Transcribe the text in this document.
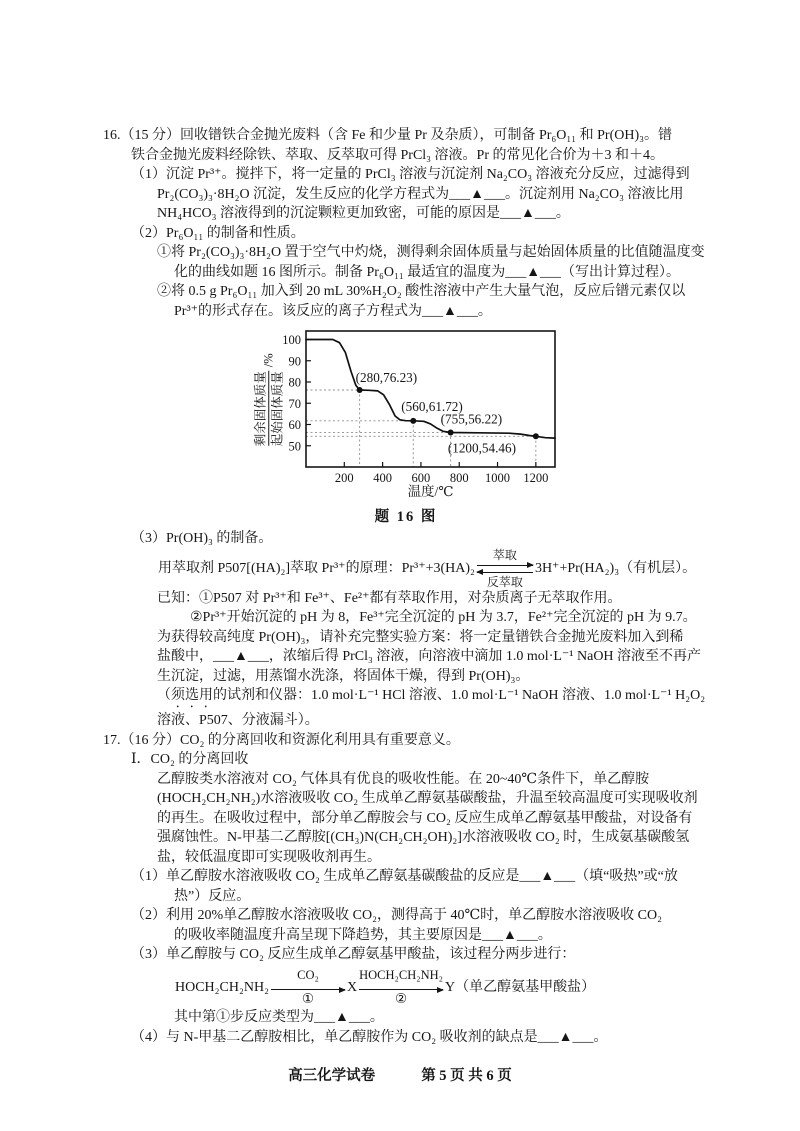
16.（15 分）回收镨铁合金抛光废料（含 Fe 和少量 Pr 及杂质），可制备 Pr₆O₁₁ 和 Pr(OH)₃。镨

铁合金抛光废料经除铁、萃取、反萃取可得 PrCl₃ 溶液。Pr 的常见化合价为＋3 和＋4。

（1）沉淀 Pr³⁺。搅拌下，将一定量的 PrCl₃ 溶液与沉淀剂 Na₂CO₃ 溶液充分反应，过滤得到

Pr₂(CO₃)₃·8H₂O 沉淀，发生反应的化学方程式为___▲___。沉淀剂用 Na₂CO₃ 溶液比用

NH₄HCO₃ 溶液得到的沉淀颗粒更加致密，可能的原因是___▲___。

（2）Pr₆O₁₁ 的制备和性质。

①将 Pr₂(CO₃)₃·8H₂O 置于空气中灼烧，测得剩余固体质量与起始固体质量的比值随温度变

化的曲线如题 16 图所示。制备 Pr₆O₁₁ 最适宜的温度为___▲___（写出计算过程）。

②将 0.5 g Pr₆O₁₁ 加入到 20 mL 30%H₂O₂ 酸性溶液中产生大量气泡，反应后镨元素仅以

Pr³⁺的形式存在。该反应的离子方程式为___▲___。

剩余固体质量 起始固体质量
/%
50
60
70
80
90
100
200 400 600 800 1000 1200
(280,76.23)
(560,61.72)
(755,56.22)
(1200,54.46)
温度/℃
题 16 图

（3）Pr(OH)₃ 的制备。

用萃取剂 P507[(HA)₂]萃取 Pr³⁺的原理：Pr³⁺+3(HA)₂
萃取
反萃取
3H⁺+Pr(HA₂)₃（有机层）。

已知：①P507 对 Pr³⁺和 Fe³⁺、Fe²⁺都有萃取作用，对杂质离子无萃取作用。

②Pr³⁺开始沉淀的 pH 为 8，Fe³⁺完全沉淀的 pH 为 3.7，Fe²⁺完全沉淀的 pH 为 9.7。

为获得较高纯度 Pr(OH)₃，请补充完整实验方案：将一定量镨铁合金抛光废料加入到稀

盐酸中，___▲___，浓缩后得 PrCl₃ 溶液，向溶液中滴加 1.0 mol·L⁻¹ NaOH 溶液至不再产

生沉淀，过滤，用蒸馏水洗涤，将固体干燥，得到 Pr(OH)₃。

（须选用的试剂和仪器：1.0 mol·L⁻¹ HCl 溶液、1.0 mol·L⁻¹ NaOH 溶液、1.0 mol·L⁻¹ H₂O₂

溶液、P507、分液漏斗）。

17.（16 分）CO₂ 的分离回收和资源化利用具有重要意义。

Ⅰ．CO₂ 的分离回收

乙醇胺类水溶液对 CO₂ 气体具有优良的吸收性能。在 20~40℃条件下，单乙醇胺

(HOCH₂CH₂NH₂)水溶液吸收 CO₂ 生成单乙醇氨基碳酸盐，升温至较高温度可实现吸收剂

的再生。在吸收过程中，部分单乙醇胺会与 CO₂ 反应生成单乙醇氨基甲酸盐，对设备有

强腐蚀性。N-甲基二乙醇胺[(CH₃)N(CH₂CH₂OH)₂]水溶液吸收 CO₂ 时，生成氨基碳酸氢

盐，较低温度即可实现吸收剂再生。

（1）单乙醇胺水溶液吸收 CO₂ 生成单乙醇氨基碳酸盐的反应是___▲___（填“吸热”或“放

热”）反应。

（2）利用 20%单乙醇胺水溶液吸收 CO₂，测得高于 40℃时，单乙醇胺水溶液吸收 CO₂

的吸收率随温度升高呈现下降趋势，其主要原因是___▲___。

（3）单乙醇胺与 CO₂ 反应生成单乙醇氨基甲酸盐，该过程分两步进行：

HOCH₂CH₂NH₂
CO₂
①
X
HOCH₂CH₂NH₂
②
Y（单乙醇氨基甲酸盐）

其中第①步反应类型为___▲___。

（4）与 N-甲基二乙醇胺相比，单乙醇胺作为 CO₂ 吸收剂的缺点是___▲___。

高三化学试卷	第 5 页 共 6 页
